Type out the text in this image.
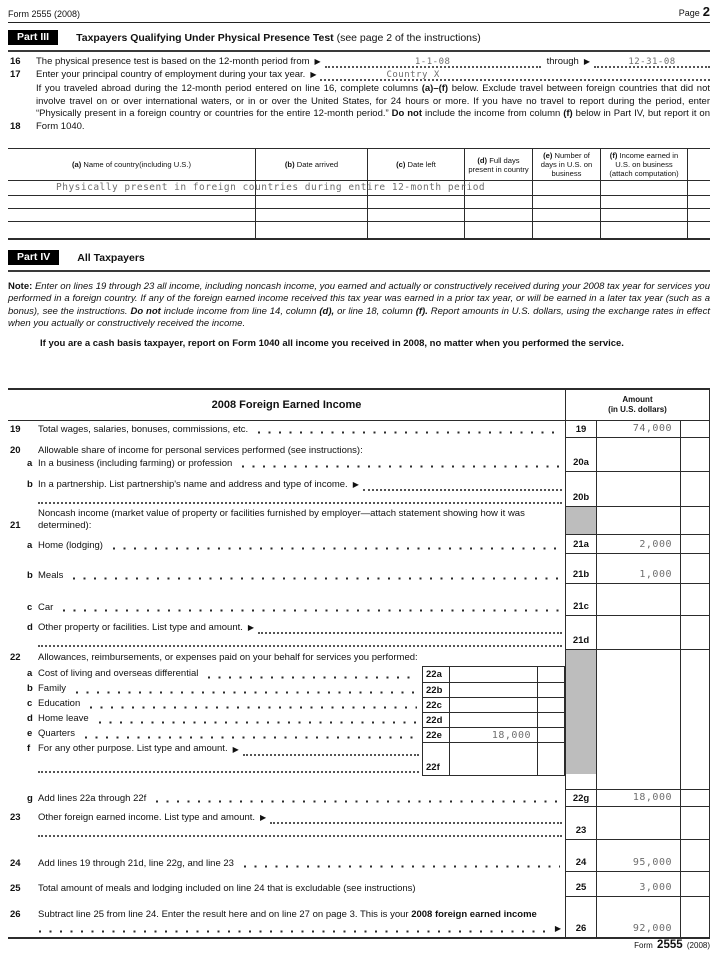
Form 2555 (2008)	Page 2
Part III	Taxpayers Qualifying Under Physical Presence Test (see page 2 of the instructions)
16	The physical presence test is based on the 12-month period from ▶	1-1-08	through ▶	12-31-08
17	Enter your principal country of employment during your tax year. ▶	Country X
18
If you traveled abroad during the 12-month period entered on line 16, complete columns (a)–(f) below. Exclude travel between foreign countries that did not involve travel on or over international waters, or in or over the United States, for 24 hours or more. If you have no travel to report during the period, enter “Physically present in a foreign country or countries for the entire 12-month period.” Do not include the income from column (f) below in Part IV, but report it on Form 1040.
(a) Name of country(including U.S.)	(b) Date arrived	(c) Date left	(d) Full days present in country
(e) Number of days in U.S. on business
(f) Income earned in U.S. on business (attach computation)
Physically present in foreign countries during entire 12-month period
Part IV	All Taxpayers
Note: Enter on lines 19 through 23 all income, including noncash income, you earned and actually or constructively received during your 2008 tax year for services you performed in a foreign country. If any of the foreign earned income received this tax year was earned in a prior tax year, or will be earned in a later tax year (such as a bonus), see the instructions. Do not include income from line 14, column (d), or line 18, column (f). Report amounts in U.S. dollars, using the exchange rates in effect when you actually or constructively received the income.
If you are a cash basis taxpayer, report on Form 1040 all income you received in 2008, no matter when you performed the service.
2008 Foreign Earned Income	Amount
(in U.S. dollars)
19	Total wages, salaries, bonuses, commissions, etc.	19	74,000
20	Allowable share of income for personal services performed (see instructions):
a In a business (including farming) or profession	20a
b In a partnership. List partnership's name and address and type of income. ▶
20b
21
Noncash income (market value of property or facilities furnished by employer—attach statement showing how it was determined):
a Home (lodging)	21a	2,000
b Meals	21b	1,000
c Car	21c
d Other property or facilities. List type and amount. ▶
21d
22	Allowances, reimbursements, or expenses paid on your behalf for services you performed:
a Cost of living and overseas differential
b Family
c Education
d Home leave
e Quarters
f For any other purpose. List type and amount. ▶
22a
22b
22c
22d
22e	18,000
22f
g Add lines 22a through 22f	22g	18,000
23	Other foreign earned income. List type and amount. ▶
23
24	Add lines 19 through 21d, line 22g, and line 23	24	95,000
25	Total amount of meals and lodging included on line 24 that is excludable (see instructions)	25	3,000
26 Subtract line 25 from line 24. Enter the result here and on line 27 on page 3. This is your 2008 foreign earned income
▶	26	92,000
Form 2555 (2008)
